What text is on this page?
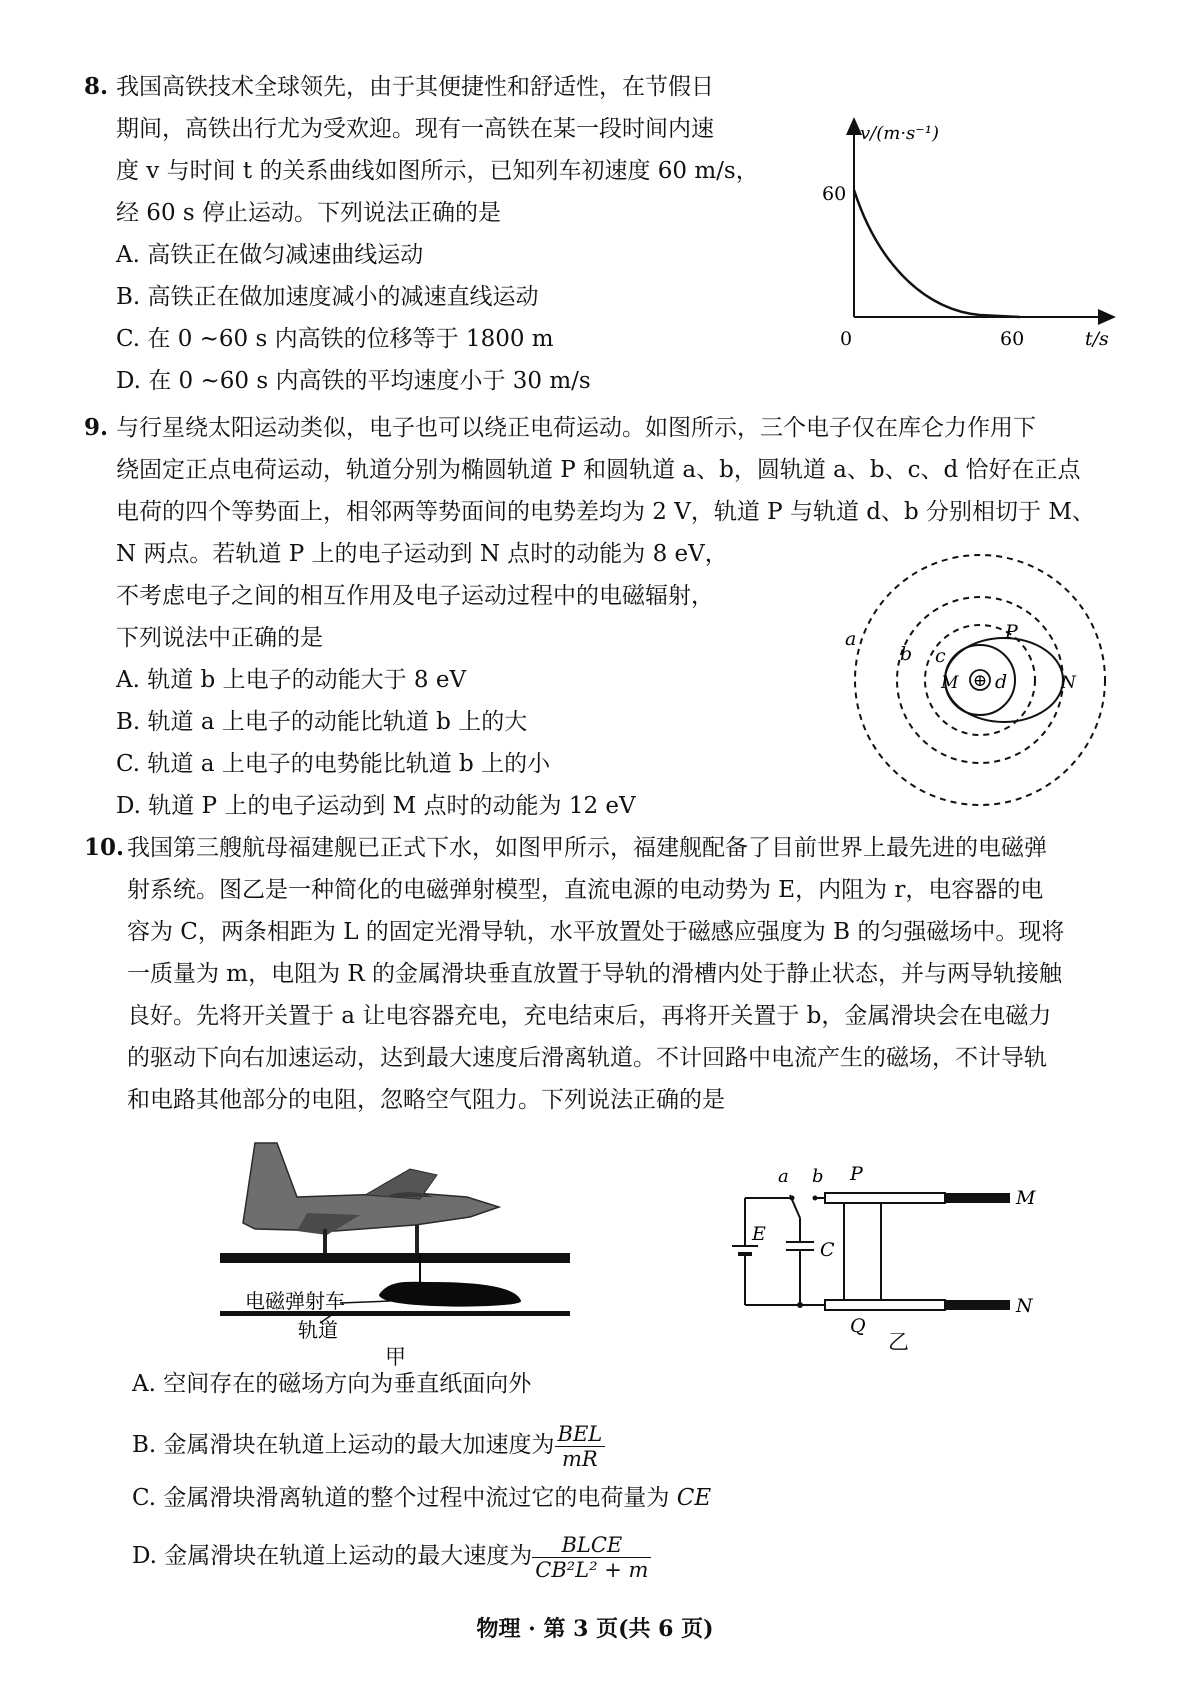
8. 我国高铁技术全球领先，由于其便捷性和舒适性，在节假日
期间，高铁出行尤为受欢迎。现有一高铁在某一段时间内速
度 v 与时间 t 的关系曲线如图所示，已知列车初速度 60 m/s，
经 60 s 停止运动。下列说法正确的是
A. 高铁正在做匀减速曲线运动
B. 高铁正在做加速度减小的减速直线运动
C. 在 0 ~60 s 内高铁的位移等于 1800 m
D. 在 0 ~60 s 内高铁的平均速度小于 30 m/s
v/(m·s⁻¹)
60
0	60	t/s
9. 与行星绕太阳运动类似，电子也可以绕正电荷运动。如图所示，三个电子仅在库仑力作用下
绕固定正点电荷运动，轨道分别为椭圆轨道 P 和圆轨道 a、b，圆轨道 a、b、c、d 恰好在正点
电荷的四个等势面上，相邻两等势面间的电势差均为 2 V，轨道 P 与轨道 d、b 分别相切于 M、
N 两点。若轨道 P 上的电子运动到 N 点时的动能为 8 eV，
不考虑电子之间的相互作用及电子运动过程中的电磁辐射，
下列说法中正确的是
A. 轨道 b 上电子的动能大于 8 eV
B. 轨道 a 上电子的动能比轨道 b 上的大
C. 轨道 a 上电子的电势能比轨道 b 上的小
D. 轨道 P 上的电子运动到 M 点时的动能为 12 eV
⊕
a
b c
d
P
M	N
10. 我国第三艘航母福建舰已正式下水，如图甲所示，福建舰配备了目前世界上最先进的电磁弹
射系统。图乙是一种简化的电磁弹射模型，直流电源的电动势为 E，内阻为 r，电容器的电
容为 C，两条相距为 L 的固定光滑导轨，水平放置处于磁感应强度为 B 的匀强磁场中。现将
一质量为 m，电阻为 R 的金属滑块垂直放置于导轨的滑槽内处于静止状态，并与两导轨接触
良好。先将开关置于 a 让电容器充电，充电结束后，再将开关置于 b，金属滑块会在电磁力
的驱动下向右加速运动，达到最大速度后滑离轨道。不计回路中电流产生的磁场，不计导轨
和电路其他部分的电阻，忽略空气阻力。下列说法正确的是
电磁弹射车
轨道
甲
a b P
M
N
Q
E
C
乙
A. 空间存在的磁场方向为垂直纸面向外
B. 金属滑块在轨道上运动的最大加速度为 $\frac{\text{BEL}}{mR}$
C. 金属滑块滑离轨道的整个过程中流过它的电荷量为 CE
D. 金属滑块在轨道上运动的最大速度为 $\frac{\text{BLCE}}{\text{CB²L² + m}}$
物理 · 第 3 页(共 6 页)
